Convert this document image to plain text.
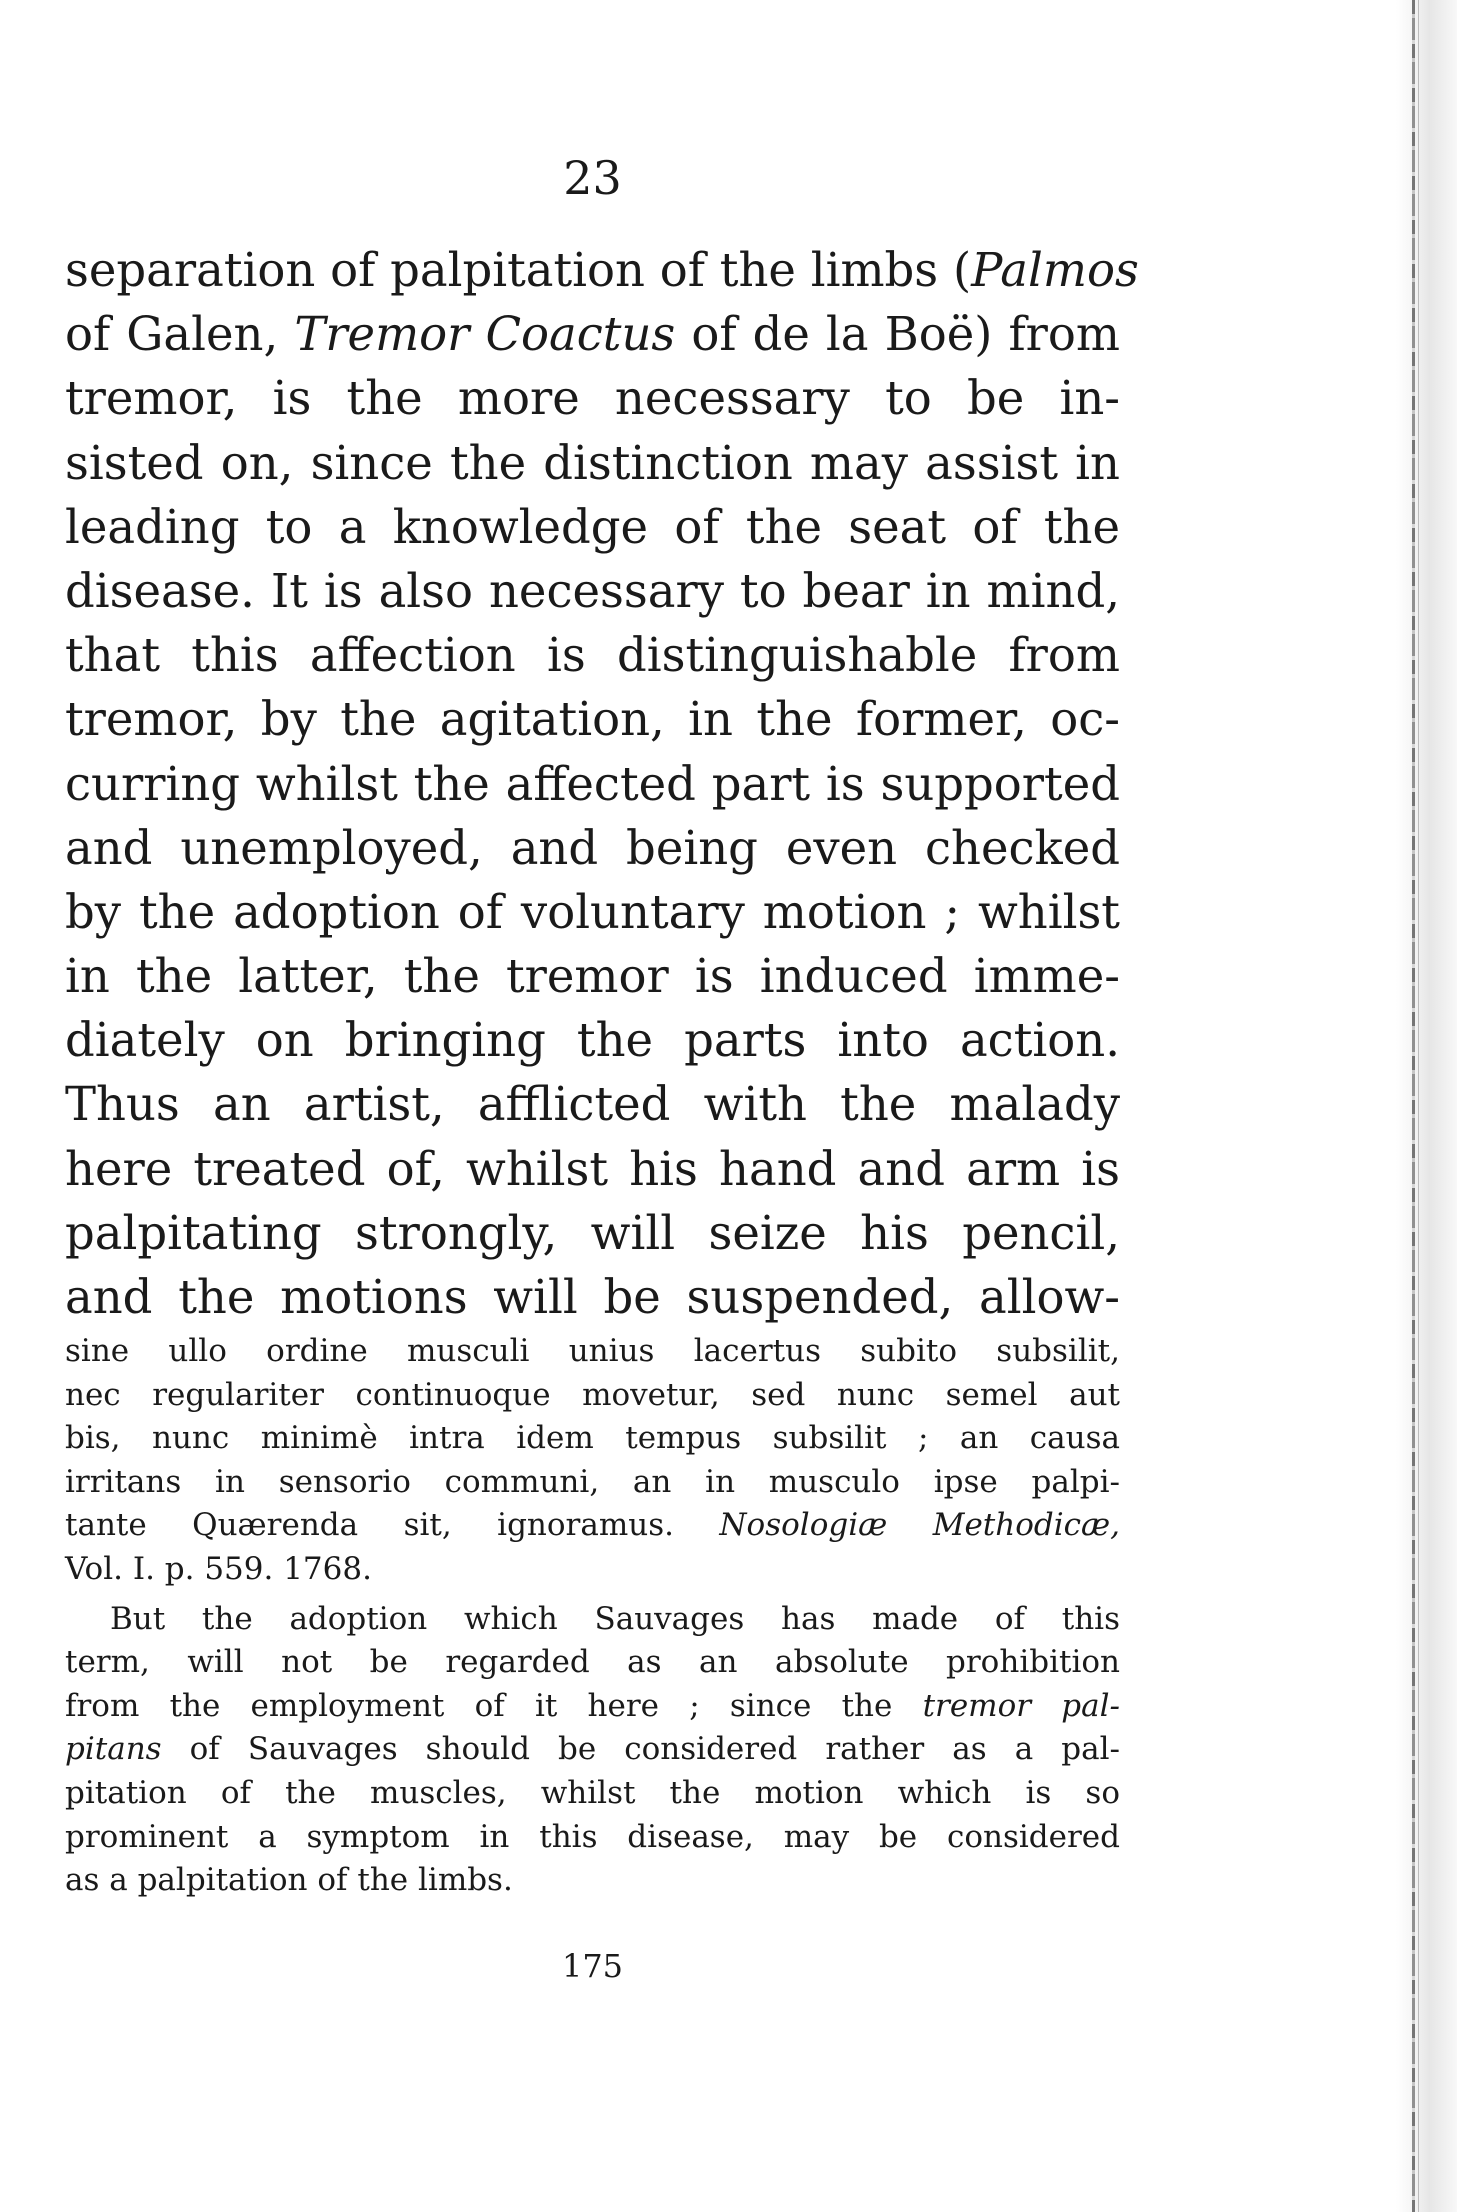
23
separation of palpitation of the limbs (Palmos
of Galen, Tremor Coactus of de la Boë) from
tremor, is the more necessary to be in-
sisted on, since the distinction may assist in
leading to a knowledge of the seat of the
disease. It is also necessary to bear in mind,
that this affection is distinguishable from
tremor, by the agitation, in the former, oc-
curring whilst the affected part is supported
and unemployed, and being even checked
by the adoption of voluntary motion ; whilst
in the latter, the tremor is induced imme-
diately on bringing the parts into action.
Thus an artist, afflicted with the malady
here treated of, whilst his hand and arm is
palpitating strongly, will seize his pencil,
and the motions will be suspended, allow-
sine ullo ordine musculi unius lacertus subito subsilit,
nec regulariter continuoque movetur, sed nunc semel aut
bis, nunc minimè intra idem tempus subsilit ; an causa
irritans in sensorio communi, an in musculo ipse palpi-
tante Quærenda sit, ignoramus. Nosologiæ Methodicæ,
Vol. I. p. 559. 1768.
But the adoption which Sauvages has made of this
term, will not be regarded as an absolute prohibition
from the employment of it here ; since the tremor pal-
pitans of Sauvages should be considered rather as a pal-
pitation of the muscles, whilst the motion which is so
prominent a symptom in this disease, may be considered
as a palpitation of the limbs.
175
